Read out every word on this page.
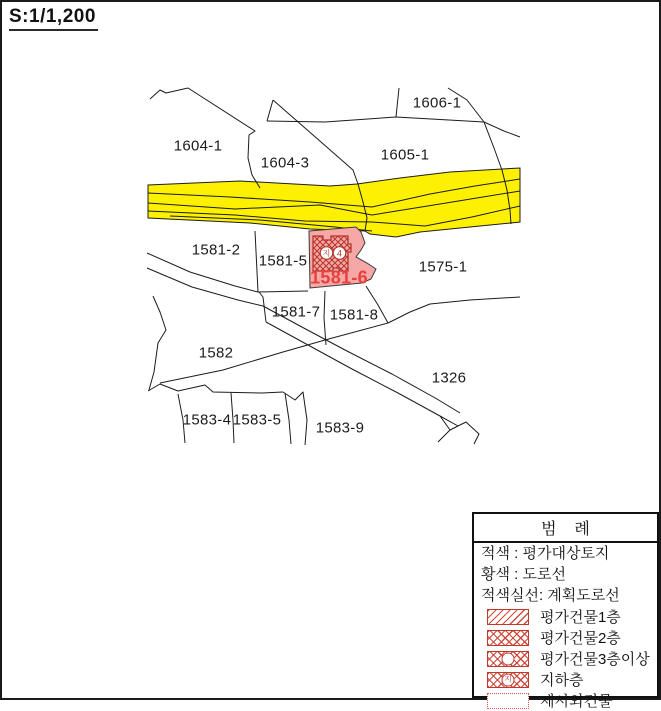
S:1/1,200
지 4
1604-1
1604-3	1605-1
1606-1
1581-2
1581-5
1581-6
1575-1
1581-7 1581-8
1582
1326
1583-4 1583-5 1583-9
범    례
적색 : 평가대상토지
황색 : 도로선
적색실선: 계획도로선
평가건물1층
평가건물2층
평가건물3층이상
지 지하층
제시외건물
